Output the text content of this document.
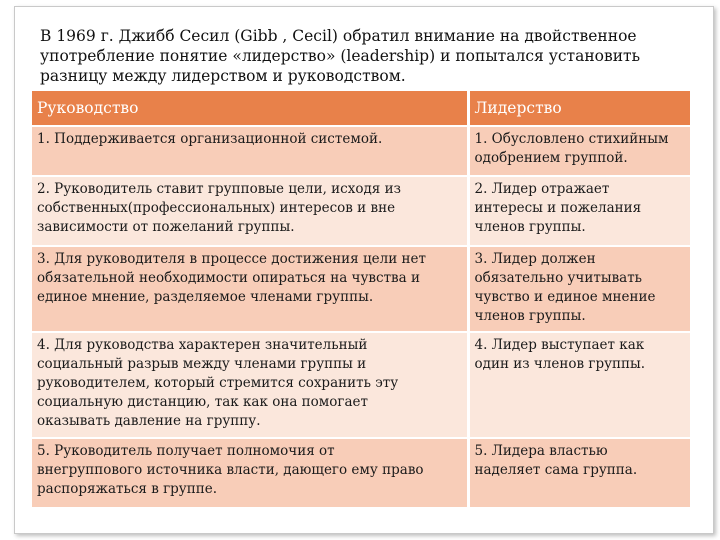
В 1969 г. Джибб Сесил (Gibb , Cecil) обратил внимание на двойственное
употребление понятие «лидерство» (leadership) и попытался установить
разницу между лидерством и руководством.

Руководство	Лидерство
1. Поддерживается организационной системой.	1. Обусловлено стихийным
одобрением группой.
2. Руководитель ставит групповые цели, исходя из
собственных(профессиональных) интересов и вне
зависимости от пожеланий группы.	2. Лидер отражает
интересы и пожелания
членов группы.
3. Для руководителя в процессе достижения цели нет
обязательной необходимости опираться на чувства и
единое мнение, разделяемое членами группы.	3. Лидер должен
обязательно учитывать
чувство и единое мнение
членов группы.
4. Для руководства характерен значительный
социальный разрыв между членами группы и
руководителем, который стремится сохранить эту
социальную дистанцию, так как она помогает
оказывать давление на группу.	4. Лидер выступает как
один из членов группы.
5. Руководитель получает полномочия от
внегруппового источника власти, дающего ему право
распоряжаться в группе.	5. Лидера властью
наделяет сама группа.
